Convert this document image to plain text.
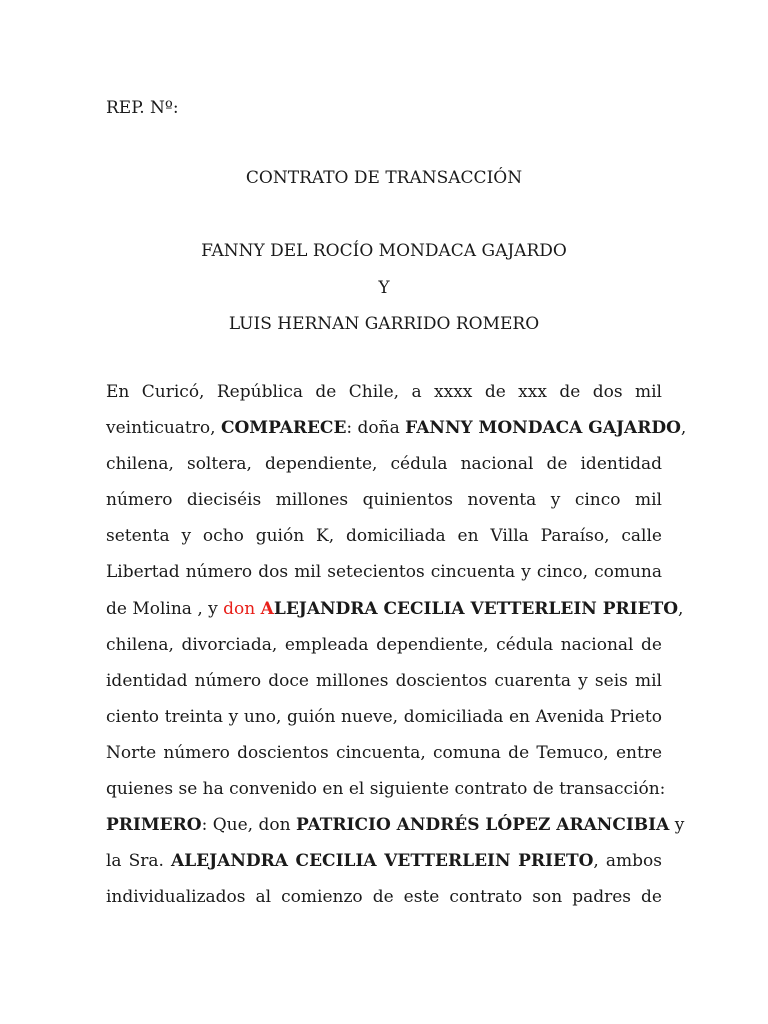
REP. Nº:
CONTRATO DE TRANSACCIÓN
FANNY DEL ROCÍO MONDACA GAJARDO
Y
LUIS HERNAN GARRIDO ROMERO
En Curicó, República de Chile, a xxxx de xxx de dos mil
veinticuatro, COMPARECE: doña FANNY MONDACA GAJARDO,
chilena, soltera, dependiente, cédula nacional de identidad
número dieciséis millones quinientos noventa y cinco mil
setenta y ocho guión K, domiciliada en Villa Paraíso, calle
Libertad número dos mil setecientos cincuenta y cinco, comuna
de Molina , y don ALEJANDRA CECILIA VETTERLEIN PRIETO,
chilena, divorciada, empleada dependiente, cédula nacional de
identidad número doce millones doscientos cuarenta y seis mil
ciento treinta y uno, guión nueve, domiciliada en Avenida Prieto
Norte número doscientos cincuenta, comuna de Temuco, entre
quienes se ha convenido en el siguiente contrato de transacción:
PRIMERO: Que, don PATRICIO ANDRÉS LÓPEZ ARANCIBIA y
la Sra. ALEJANDRA CECILIA VETTERLEIN PRIETO, ambos
individualizados al comienzo de este contrato son padres de
